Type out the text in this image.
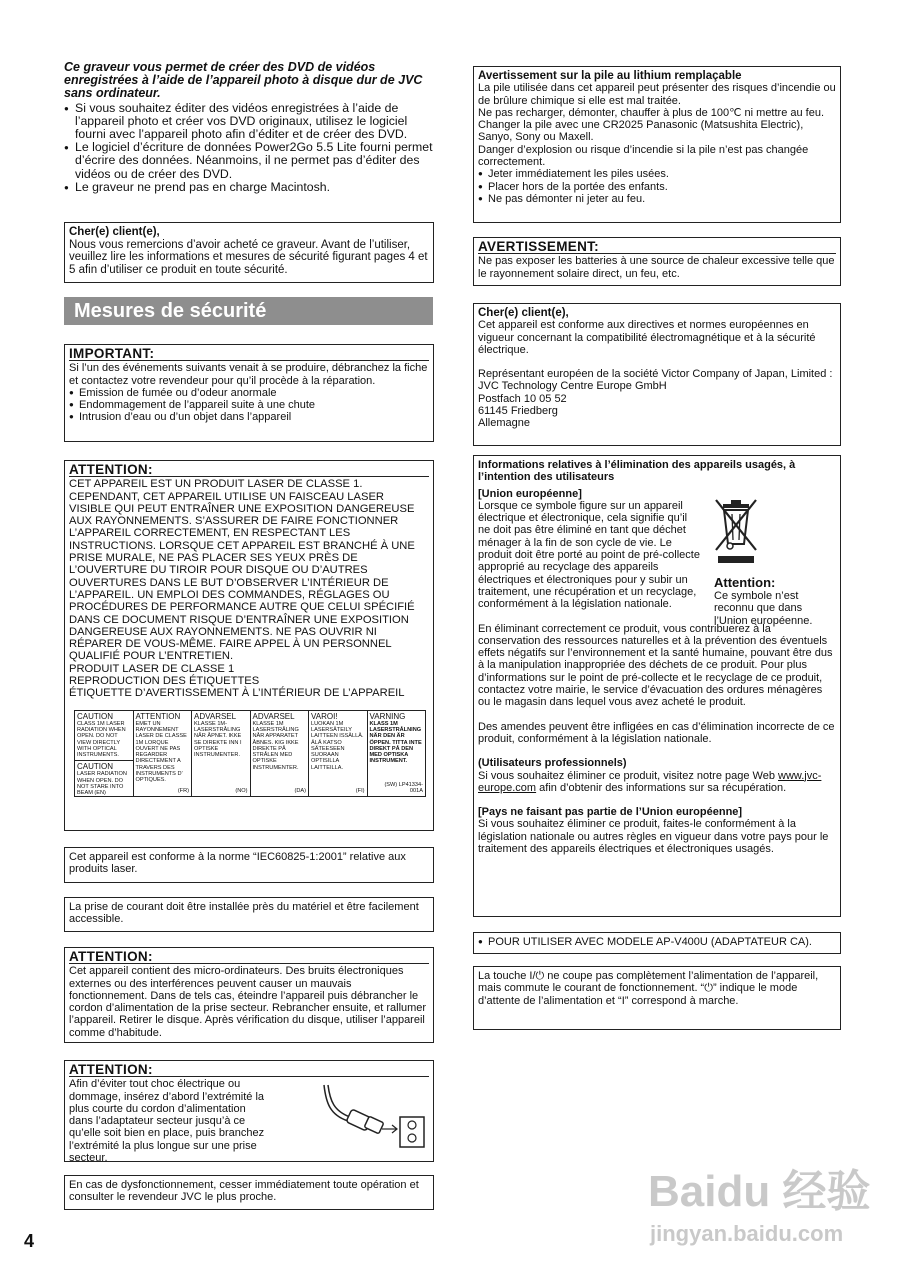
Ce graveur vous permet de créer des DVD de vidéos enregistrées à l’aide de l’appareil photo à disque dur de JVC sans ordinateur.

● Si vous souhaitez éditer des vidéos enregistrées à l’aide de l’appareil photo et créer vos DVD originaux, utilisez le logiciel fourni avec l’appareil photo afin d’éditer et de créer des DVD.
● Le logiciel d’écriture de données Power2Go 5.5 Lite fourni permet d’écrire des données. Néanmoins, il ne permet pas d’éditer des vidéos ou de créer des DVD.
● Le graveur ne prend pas en charge Macintosh.

Cher(e) client(e),

Nous vous remercions d’avoir acheté ce graveur. Avant de l’utiliser, veuillez lire les informations et mesures de sécurité figurant pages 4 et 5 afin d’utiliser ce produit en toute sécurité.

Mesures de sécurité
IMPORTANT:

Si l’un des événements suivants venait à se produire, débranchez la fiche et contactez votre revendeur pour qu’il procède à la réparation.

● Emission de fumée ou d’odeur anormale
● Endommagement de l’appareil suite à une chute
● Intrusion d’eau ou d’un objet dans l’appareil
ATTENTION:

CET APPAREIL EST UN PRODUIT LASER DE CLASSE 1. CEPENDANT, CET APPAREIL UTILISE UN FAISCEAU LASER VISIBLE QUI PEUT ENTRAÎNER UNE EXPOSITION DANGEREUSE AUX RAYONNEMENTS. S’ASSURER DE FAIRE FONCTIONNER L’APPAREIL CORRECTEMENT, EN RESPECTANT LES INSTRUCTIONS. LORSQUE CET APPAREIL EST BRANCHÉ À UNE PRISE MURALE, NE PAS PLACER SES YEUX PRÈS DE L’OUVERTURE DU TIROIR POUR DISQUE OU D’AUTRES OUVERTURES DANS LE BUT D’OBSERVER L’INTÉRIEUR DE L’APPAREIL. UN EMPLOI DES COMMANDES, RÉGLAGES OU PROCÉDURES DE PERFORMANCE AUTRE QUE CELUI SPÉCIFIÉ DANS CE DOCUMENT RISQUE D’ENTRAÎNER UNE EXPOSITION DANGEREUSE AUX RAYONNEMENTS. NE PAS OUVRIR NI RÉPARER DE VOUS-MÊME. FAIRE APPEL À UN PERSONNEL QUALIFIÉ POUR L’ENTRETIEN.

PRODUIT LASER DE CLASSE 1

REPRODUCTION DES ÉTIQUETTES

ÉTIQUETTE D’AVERTISSEMENT À L’INTÉRIEUR DE L’APPAREIL

CAUTION
CLASS 1M LASER RADIATION WHEN OPEN. DO NOT VIEW DIRECTLY WITH OPTICAL INSTRUMENTS.
CAUTION
LASER RADIATION WHEN OPEN. DO NOT STARE INTO BEAM (EN)
ATTENTION
EMET UN RAYONNEMENT LASER DE CLASSE 1M LORQUE OUVERT NE PAS REGARDER DIRECTEMENT A TRAVERS DES INSTRUMENTS D’ OPTIQUES.
(FR)
ADVARSEL
KLASSE 1M-LASERSTRÅLING NÅR ÅPNET. IKKE SE DIREKTE INN I OPTISKE INSTRUMENTER.
(NO)
ADVARSEL
KLASSE 1M LASERSTRÅLING NÅR APPARATET ÅBNES. KIG IKKE DIREKTE PÅ STRÅLEN MED OPTISKE INSTRUMENTER.
(DA)
VAROI!
LUOKAN 1M LASERSÄTEILY LAITTEEN ISSÄLLÄ. ÄLÄ KATSO SÄTEESEEN SUORAAN OPTISILLA LAITTEILLA.
(FI)
VARNING
KLASS 1M LASERSTRÅLNING NÄR DEN ÄR ÖPPEN. TITTA INTE DIREKT PÅ DEN MED OPTISKA INSTRUMENT.
(SW) LP41334-001A
Cet appareil est conforme à la norme “IEC60825-1:2001” relative aux produits laser.
La prise de courant doit être installée près du matériel et être facilement accessible.
ATTENTION:

Cet appareil contient des micro-ordinateurs. Des bruits électroniques externes ou des interférences peuvent causer un mauvais fonctionnement. Dans de tels cas, éteindre l’appareil puis débrancher le cordon d’alimentation de la prise secteur. Rebrancher ensuite, et rallumer l’appareil. Retirer le disque. Après vérification du disque, utiliser l’appareil comme d’habitude.

ATTENTION:

Afin d’éviter tout choc électrique ou dommage, insérez d’abord l’extrémité la plus courte du cordon d’alimentation dans l’adaptateur secteur jusqu’à ce qu’elle soit bien en place, puis branchez l’extrémité la plus longue sur une prise secteur.

En cas de dysfonctionnement, cesser immédiatement toute opération et consulter le revendeur JVC le plus proche.

Avertissement sur la pile au lithium remplaçable

La pile utilisée dans cet appareil peut présenter des risques d’incendie ou de brûlure chimique si elle est mal traitée.

Ne pas recharger, démonter, chauffer à plus de 100℃ ni mettre au feu.

Changer la pile avec une CR2025 Panasonic (Matsushita Electric), Sanyo, Sony ou Maxell.

Danger d’explosion ou risque d’incendie si la pile n’est pas changée correctement.

● Jeter immédiatement les piles usées.
● Placer hors de la portée des enfants.
● Ne pas démonter ni jeter au feu.
AVERTISSEMENT:

Ne pas exposer les batteries à une source de chaleur excessive telle que le rayonnement solaire direct, un feu, etc.

Cher(e) client(e),

Cet appareil est conforme aux directives et normes européennes en vigueur concernant la compatibilité électromagnétique et à la sécurité électrique.

Représentant européen de la société Victor Company of Japan, Limited :

JVC Technology Centre Europe GmbH

Postfach 10 05 52

61145 Friedberg

Allemagne

Informations relatives à l’élimination des appareils usagés, à l’intention des utilisateurs

[Union européenne]

Lorsque ce symbole figure sur un appareil électrique et électronique, cela signifie qu’il ne doit pas être éliminé en tant que déchet ménager à la fin de son cycle de vie. Le produit doit être porté au point de pré-collecte approprié au recyclage des appareils électriques et électroniques pour y subir un traitement, une récupération et un recyclage, conformément à la législation nationale.

Attention:

Ce symbole n’est reconnu que dans l’Union européenne.

En éliminant correctement ce produit, vous contribuerez à la conservation des ressources naturelles et à la prévention des éventuels effets négatifs sur l’environnement et la santé humaine, pouvant être dus à la manipulation inappropriée des déchets de ce produit. Pour plus d’informations sur le point de pré-collecte et le recyclage de ce produit, contactez votre mairie, le service d’évacuation des ordures ménagères ou le magasin dans lequel vous avez acheté le produit.

Des amendes peuvent être infligées en cas d’élimination incorrecte de ce produit, conformément à la législation nationale.

(Utilisateurs professionnels)

Si vous souhaitez éliminer ce produit, visitez notre page Web www.jvc-europe.com afin d’obtenir des informations sur sa récupération.

[Pays ne faisant pas partie de l’Union européenne]

Si vous souhaitez éliminer ce produit, faites-le conformément à la législation nationale ou autres règles en vigueur dans votre pays pour le traitement des appareils électriques et électroniques usagés.

● POUR UTILISER AVEC MODELE AP-V400U (ADAPTATEUR CA).

La touche I/⏻ ne coupe pas complètement l’alimentation de l’appareil, mais commute le courant de fonctionnement. “⏻” indique le mode d’attente de l’alimentation et “I” correspond à marche.

4
Baidu 经验
jingyan.baidu.com
